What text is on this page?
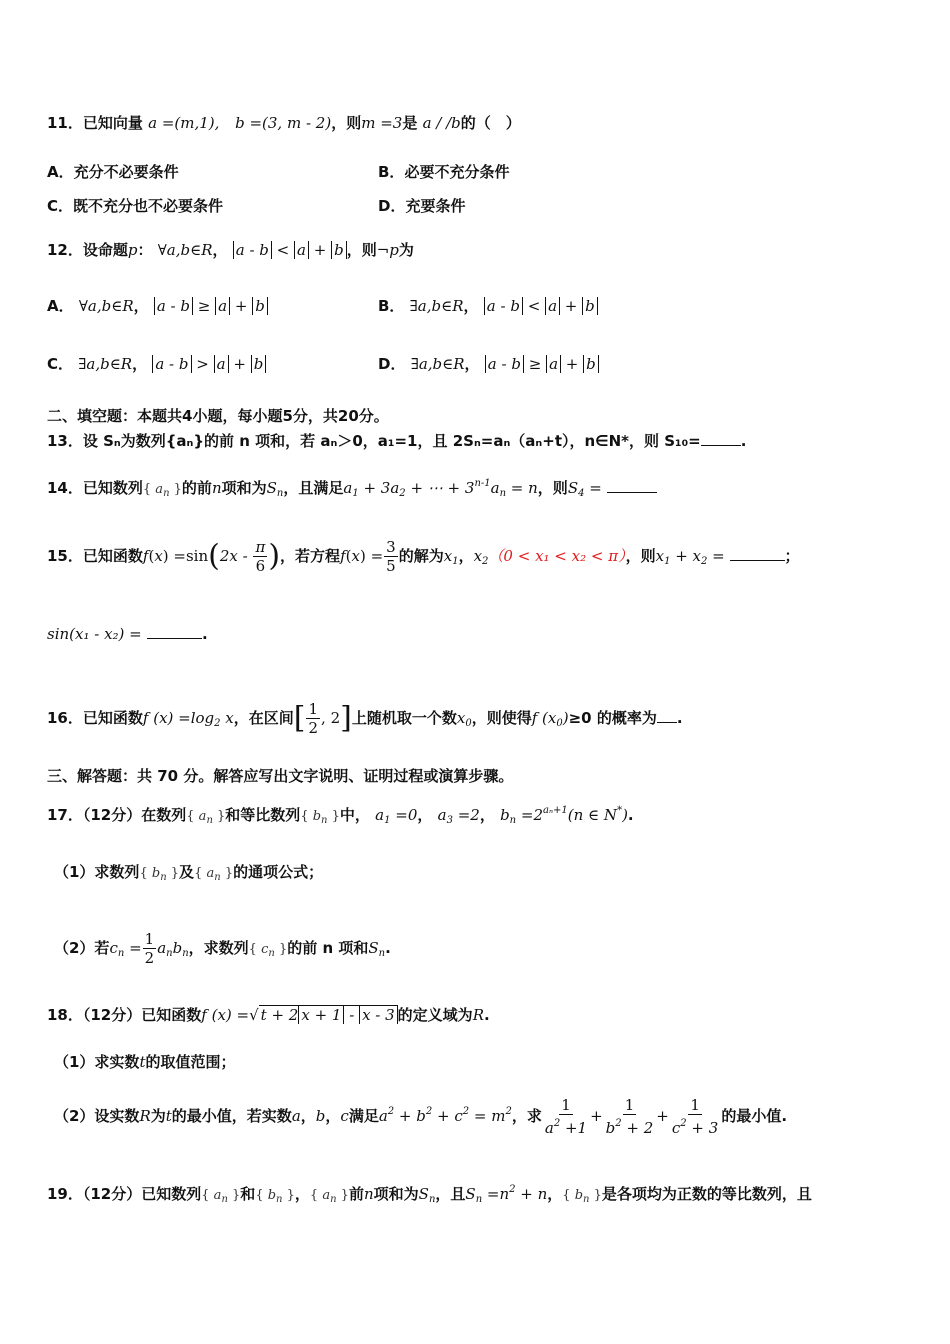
11．已知向量 a =(m,1), b =(3, m - 2)，则m =3是 a / /b的（　）
A．充分不必要条件	B．必要不充分条件
C．既不充分也不必要条件	D．充要条件
12．设命题p： ∀a,b∈R， a - b < a + b ，则¬p为
A． ∀a,b∈R， a - b ≥ a + b	B． ∃a,b∈R， a - b < a + b
C． ∃a,b∈R， a - b > a + b	D． ∃a,b∈R， a - b ≥ a + b
二、填空题：本题共4小题，每小题5分，共20分。
13．设 Sₙ为数列{aₙ}的前 n 项和，若 aₙ＞0，a₁=1，且 2Sₙ=aₙ（aₙ+t），n∈N*，则 S₁₀=	.
14．已知数列{ $a_n$ }的前n项和为$S_n$，且满足$a_1 + 3a_2$ + ⋯ + $3^{n-1}a_n = n$，则$S_4$ =
15．已知函数$f(x) =\sin(2x - \frac{\pi}{6}$ )，若方程$f(x) = \frac{3}{5}$ 的解为$x_1$，$x_2(0 < x_1 < x_2 < \pi)$，则$x_1 + x_2$ =	；
sin(x₁ - x₂) =	.
16．已知函数f $(x) =\log_2$ x，在区间[ $\frac{1}{2}$ , 2]上随机取一个数$x_0$，则使得f $(x_0)\ge 0$ 的概率为 .
三、解答题：共 70 分。解答应写出文字说明、证明过程或演算步骤。
17．（12分）在数列{ $a_n$ }和等比数列{ $b_n$ }中， $a_1 =0$， $a_3 =2$， $b_n =2^{a_n+1}(n$ ∈ N*).
（1）求数列{ $b_n$ }及{ $a_n$ }的通项公式；
（2）若$c_n = \frac{1}{2} a_nb_n$，求数列{ $c_n$ }的前 n 项和$S_n$.
18．（12分）已知函数f (x) =√ t + 2 x + 1 - x - 3 的定义域为R.
（1）求实数t的取值范围；
（2）设实数R为t的最小值，若实数a，b，c满足$a^2 + b^2 + c^2 = m^2$，求 $\frac{1}{a^2 +1} + \frac{1}{b^2 + 2} + \frac{1}{c^2 + 3}$ 的最小值.
19．（12分）已知数列{ $a_n$ }和{ $b_n$ }，{ $a_n$ }前n项和为$S_n$，且$S_n =n^2 + n$，{ $b_n$ }是各项均为正数的等比数列，且
